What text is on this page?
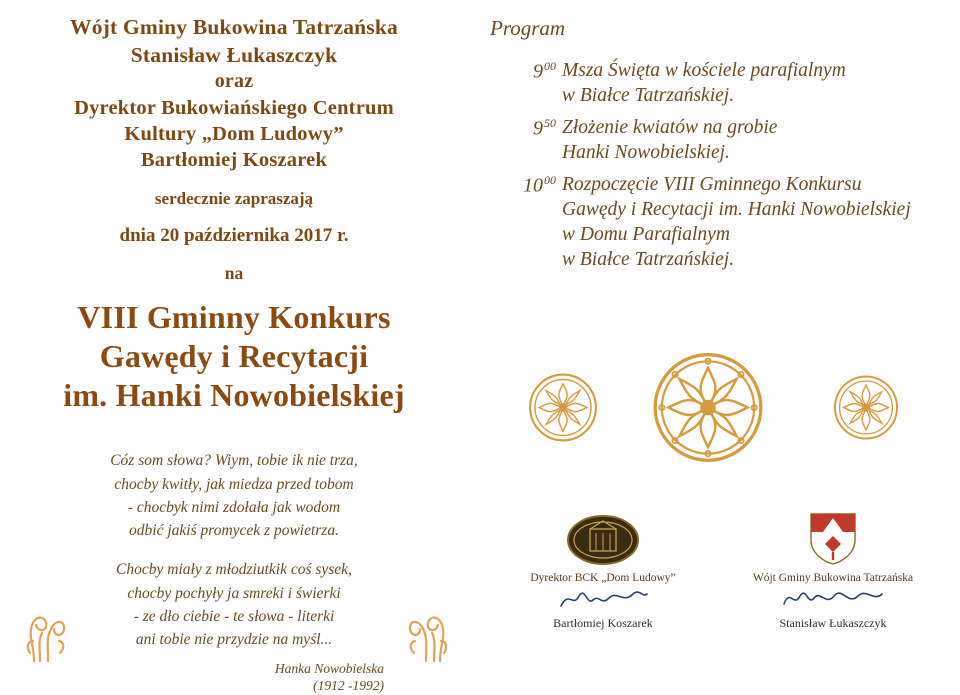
Wójt Gminy Bukowina Tatrzańska
Stanisław Łukaszczyk
oraz
Dyrektor Bukowiańskiego Centrum
Kultury „Dom Ludowy”
Bartłomiej Koszarek
serdecznie zapraszają
dnia 20 października 2017 r.
na
VIII Gminny Konkurs
Gawędy i Recytacji
im. Hanki Nowobielskiej
Cóz som słowa? Wiym, tobie ik nie trza,
chocby kwitły, jak miedza przed tobom
- chocbyk nimi zdołała jak wodom
odbić jakiś promycek z powietrza.
Chocby miały z młodziutkik coś sysek,
chocby pochyły ja smreki i świerki
- ze dło ciebie - te słowa - literki
ani tobie nie przydzie na myśl...
Hanka Nowobielska
(1912 -1992)
Program
$9^{00}$ Msza Święta w kościele parafialnym
w Białce Tatrzańskiej.
$9^{50}$ Złożenie kwiatów na grobie
Hanki Nowobielskiej.
$10^{00}$ Rozpoczęcie VIII Gminnego Konkursu
Gawędy i Recytacji im. Hanki Nowobielskiej
w Domu Parafialnym
w Białce Tatrzańskiej.
Dyrektor BCK „Dom Ludowy”
Bartłomiej Koszarek
Wójt Gminy Bukowina Tatrzańska
Stanisław Łukaszczyk
